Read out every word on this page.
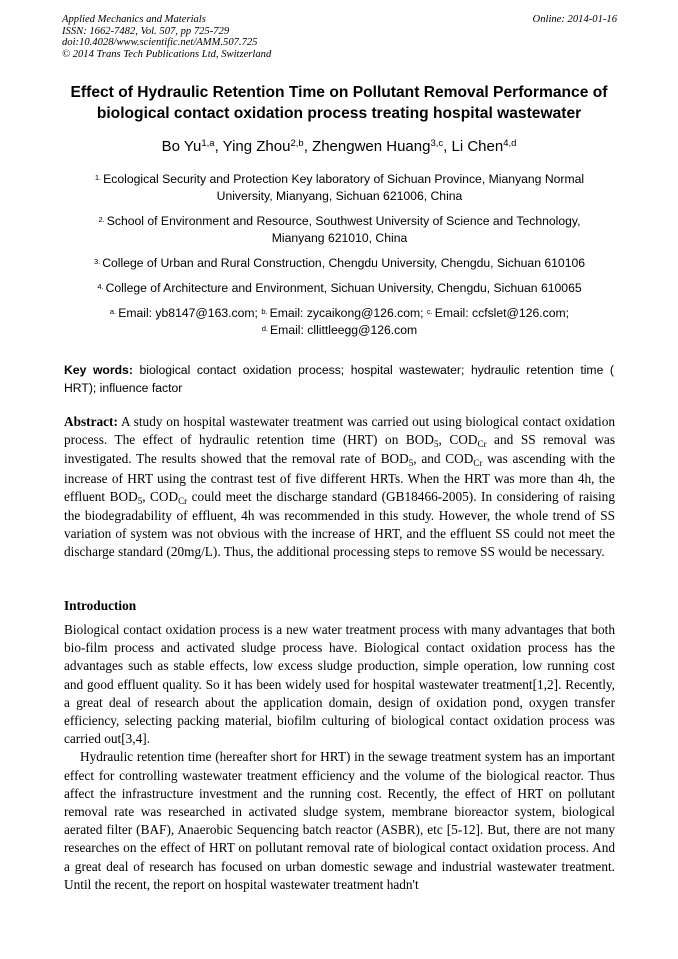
Applied Mechanics and Materials
ISSN: 1662-7482, Vol. 507, pp 725-729
doi:10.4028/www.scientific.net/AMM.507.725
© 2014 Trans Tech Publications Ltd, Switzerland
Online: 2014-01-16
Effect of Hydraulic Retention Time on Pollutant Removal Performance of
biological contact oxidation process treating hospital wastewater
Bo Yu$^{1,a}$, Ying Zhou$^{2,b}$, Zhengwen Huang$^{3,c}$, Li Chen$^{4,d}$
$^{1.}$ Ecological Security and Protection Key laboratory of Sichuan Province, Mianyang Normal
University, Mianyang, Sichuan 621006, China
$^{2.}$ School of Environment and Resource, Southwest University of Science and Technology,
Mianyang 621010, China
$^{3.}$ College of Urban and Rural Construction, Chengdu University, Chengdu, Sichuan 610106
$^{4.}$ College of Architecture and Environment, Sichuan University, Chengdu, Sichuan 610065
$^{a.}$ Email: yb8147@163.com; $^{b.}$ Email: zycaikong@126.com; $^{c.}$ Email: ccfslet@126.com;
$^{d.}$ Email: cllittleegg@126.com
Key words: biological contact oxidation process; hospital wastewater; hydraulic retention time ( HRT); influence factor
Abstract: A study on hospital wastewater treatment was carried out using biological contact oxidation process. The effect of hydraulic retention time (HRT) on $BOD_5$, $COD_{Cr}$ and SS removal was investigated. The results showed that the removal rate of $BOD_5$, and $COD_{Cr}$ was ascending with the increase of HRT using the contrast test of five different HRTs. When the HRT was more than 4h, the effluent $BOD_5$, $COD_{Cr}$ could meet the discharge standard (GB18466-2005). In considering of raising the biodegradability of effluent, 4h was recommended in this study. However, the whole trend of SS variation of system was not obvious with the increase of HRT, and the effluent SS could not meet the discharge standard (20mg/L). Thus, the additional processing steps to remove SS would be necessary.
Introduction

Biological contact oxidation process is a new water treatment process with many advantages that both bio-film process and activated sludge process have. Biological contact oxidation process has the advantages such as stable effects, low excess sludge production, simple operation, low running cost and good effluent quality. So it has been widely used for hospital wastewater treatment[1,2]. Recently, a great deal of research about the application domain, design of oxidation pond, oxygen transfer efficiency, selecting packing material, biofilm culturing of biological contact oxidation process was carried out[3,4].

Hydraulic retention time (hereafter short for HRT) in the sewage treatment system has an important effect for controlling wastewater treatment efficiency and the volume of the biological reactor. Thus affect the infrastructure investment and the running cost. Recently, the effect of HRT on pollutant removal rate was researched in activated sludge system, membrane bioreactor system, biological aerated filter (BAF), Anaerobic Sequencing batch reactor (ASBR), etc [5-12]. But, there are not many researches on the effect of HRT on pollutant removal rate of biological contact oxidation process. And a great deal of research has focused on urban domestic sewage and industrial wastewater treatment. Until the recent, the report on hospital wastewater treatment hadn't
